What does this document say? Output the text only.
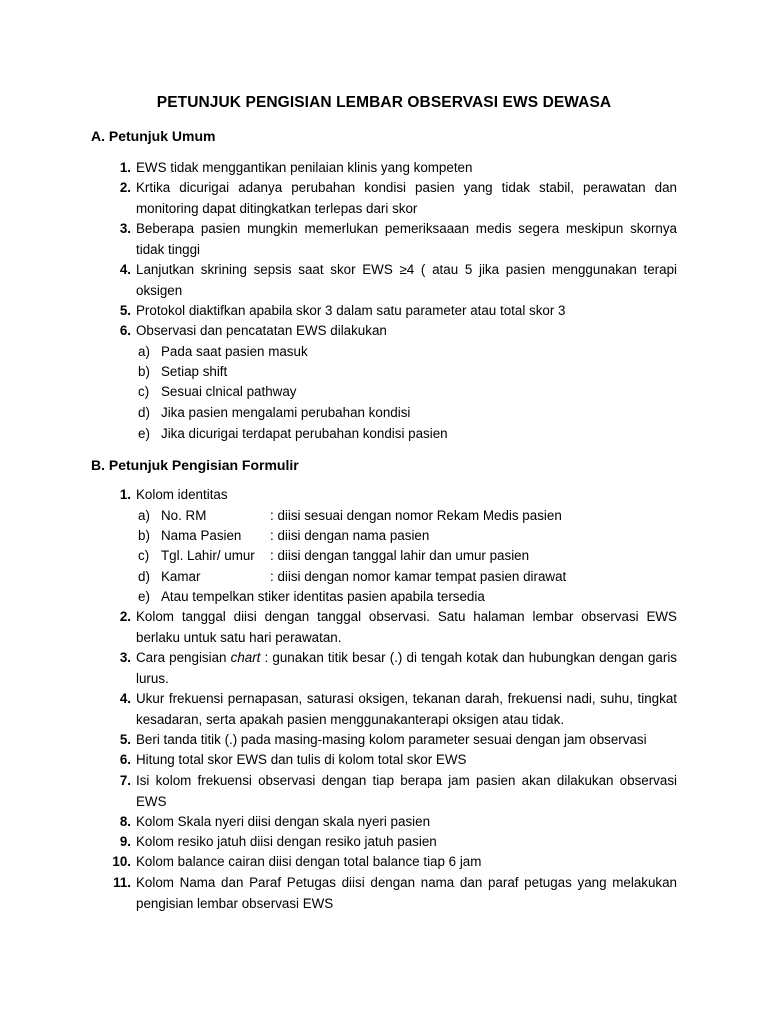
PETUNJUK PENGISIAN LEMBAR OBSERVASI EWS DEWASA
A. Petunjuk Umum
1. EWS tidak menggantikan penilaian klinis yang kompeten
2. Krtika dicurigai adanya perubahan kondisi pasien yang tidak stabil, perawatan dan monitoring dapat ditingkatkan terlepas dari skor
3. Beberapa pasien mungkin memerlukan pemeriksaaan medis segera meskipun skornya tidak tinggi
4. Lanjutkan skrining sepsis saat skor EWS ≥4 ( atau 5 jika pasien menggunakan terapi oksigen
5. Protokol diaktifkan apabila skor 3 dalam satu parameter atau total skor 3
6. Observasi dan pencatatan EWS dilakukan
a) Pada saat pasien masuk
b) Setiap shift
c) Sesuai clnical pathway
d) Jika pasien mengalami perubahan kondisi
e) Jika dicurigai terdapat perubahan kondisi pasien
B. Petunjuk Pengisian Formulir
1. Kolom identitas
a) No. RM	: diisi sesuai dengan nomor Rekam Medis pasien
b) Nama Pasien	: diisi dengan nama pasien
c) Tgl. Lahir/ umur	: diisi dengan tanggal lahir dan umur pasien
d) Kamar	: diisi dengan nomor kamar tempat pasien dirawat
e) Atau tempelkan stiker identitas pasien apabila tersedia
2. Kolom tanggal diisi dengan tanggal observasi. Satu halaman lembar observasi EWS berlaku untuk satu hari perawatan.
3. Cara pengisian chart : gunakan titik besar (.) di tengah kotak dan hubungkan dengan garis lurus.
4. Ukur frekuensi pernapasan, saturasi oksigen, tekanan darah, frekuensi nadi, suhu, tingkat kesadaran, serta apakah pasien menggunakanterapi oksigen atau tidak.
5. Beri tanda titik (.) pada masing-masing kolom parameter sesuai dengan jam observasi
6. Hitung total skor EWS dan tulis di kolom total skor EWS
7. Isi kolom frekuensi observasi dengan tiap berapa jam pasien akan dilakukan observasi EWS
8. Kolom Skala nyeri diisi dengan skala nyeri pasien
9. Kolom resiko jatuh diisi dengan resiko jatuh pasien
10. Kolom balance cairan diisi dengan total balance tiap 6 jam
11. Kolom Nama dan Paraf Petugas diisi dengan nama dan paraf petugas yang melakukan pengisian lembar observasi EWS
